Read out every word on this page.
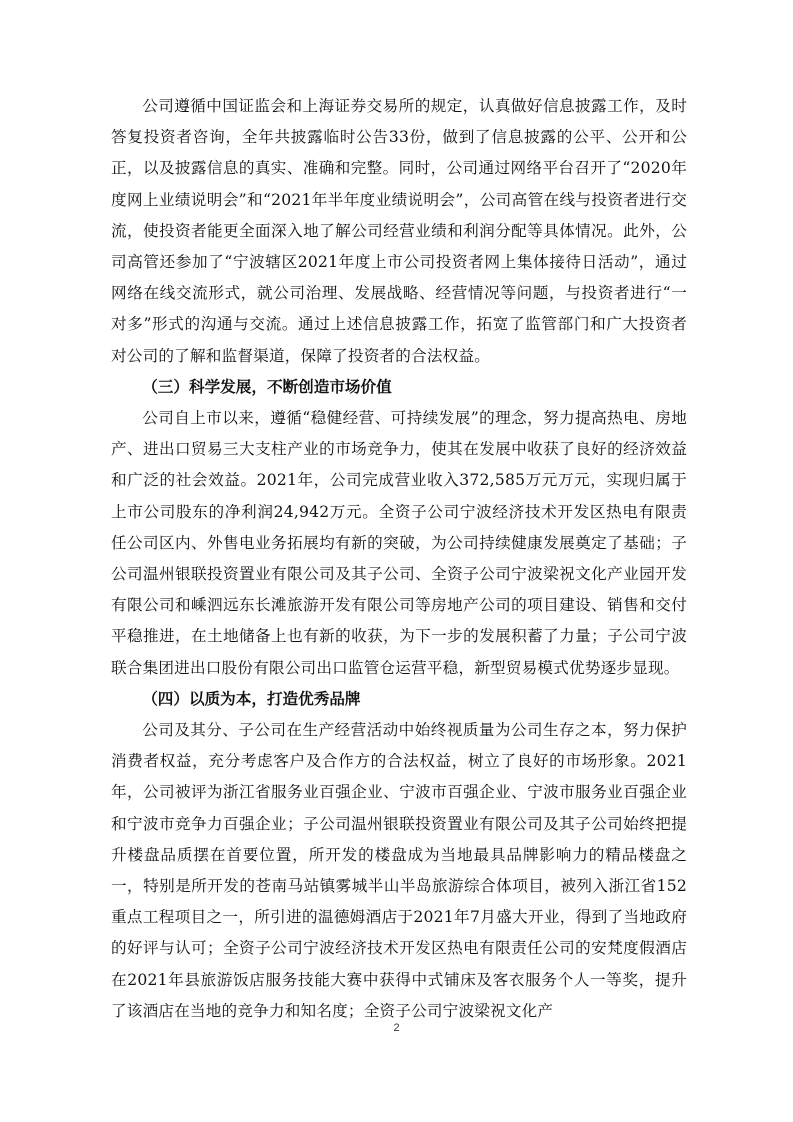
公司遵循中国证监会和上海证券交易所的规定，认真做好信息披露工作，及时答复投资者咨询，全年共披露临时公告33份，做到了信息披露的公平、公开和公正，以及披露信息的真实、准确和完整。同时，公司通过网络平台召开了“2020年度网上业绩说明会”和“2021年半年度业绩说明会”，公司高管在线与投资者进行交流，使投资者能更全面深入地了解公司经营业绩和利润分配等具体情况。此外，公司高管还参加了“宁波辖区2021年度上市公司投资者网上集体接待日活动”，通过网络在线交流形式，就公司治理、发展战略、经营情况等问题，与投资者进行“一对多”形式的沟通与交流。通过上述信息披露工作，拓宽了监管部门和广大投资者对公司的了解和监督渠道，保障了投资者的合法权益。

（三）科学发展，不断创造市场价值

公司自上市以来，遵循“稳健经营、可持续发展”的理念，努力提高热电、房地产、进出口贸易三大支柱产业的市场竞争力，使其在发展中收获了良好的经济效益和广泛的社会效益。2021年，公司完成营业收入372,585万元万元，实现归属于上市公司股东的净利润24,942万元。全资子公司宁波经济技术开发区热电有限责任公司区内、外售电业务拓展均有新的突破，为公司持续健康发展奠定了基础；子公司温州银联投资置业有限公司及其子公司、全资子公司宁波梁祝文化产业园开发有限公司和嵊泗远东长滩旅游开发有限公司等房地产公司的项目建设、销售和交付平稳推进，在土地储备上也有新的收获，为下一步的发展积蓄了力量；子公司宁波联合集团进出口股份有限公司出口监管仓运营平稳，新型贸易模式优势逐步显现。

（四）以质为本，打造优秀品牌

公司及其分、子公司在生产经营活动中始终视质量为公司生存之本，努力保护消费者权益，充分考虑客户及合作方的合法权益，树立了良好的市场形象。2021年，公司被评为浙江省服务业百强企业、宁波市百强企业、宁波市服务业百强企业和宁波市竞争力百强企业；子公司温州银联投资置业有限公司及其子公司始终把提升楼盘品质摆在首要位置，所开发的楼盘成为当地最具品牌影响力的精品楼盘之一，特别是所开发的苍南马站镇雾城半山半岛旅游综合体项目，被列入浙江省152重点工程项目之一，所引进的温德姆酒店于2021年7月盛大开业，得到了当地政府的好评与认可；全资子公司宁波经济技术开发区热电有限责任公司的安梵度假酒店在2021年县旅游饭店服务技能大赛中获得中式铺床及客衣服务个人一等奖，提升了该酒店在当地的竞争力和知名度；全资子公司宁波梁祝文化产

2
